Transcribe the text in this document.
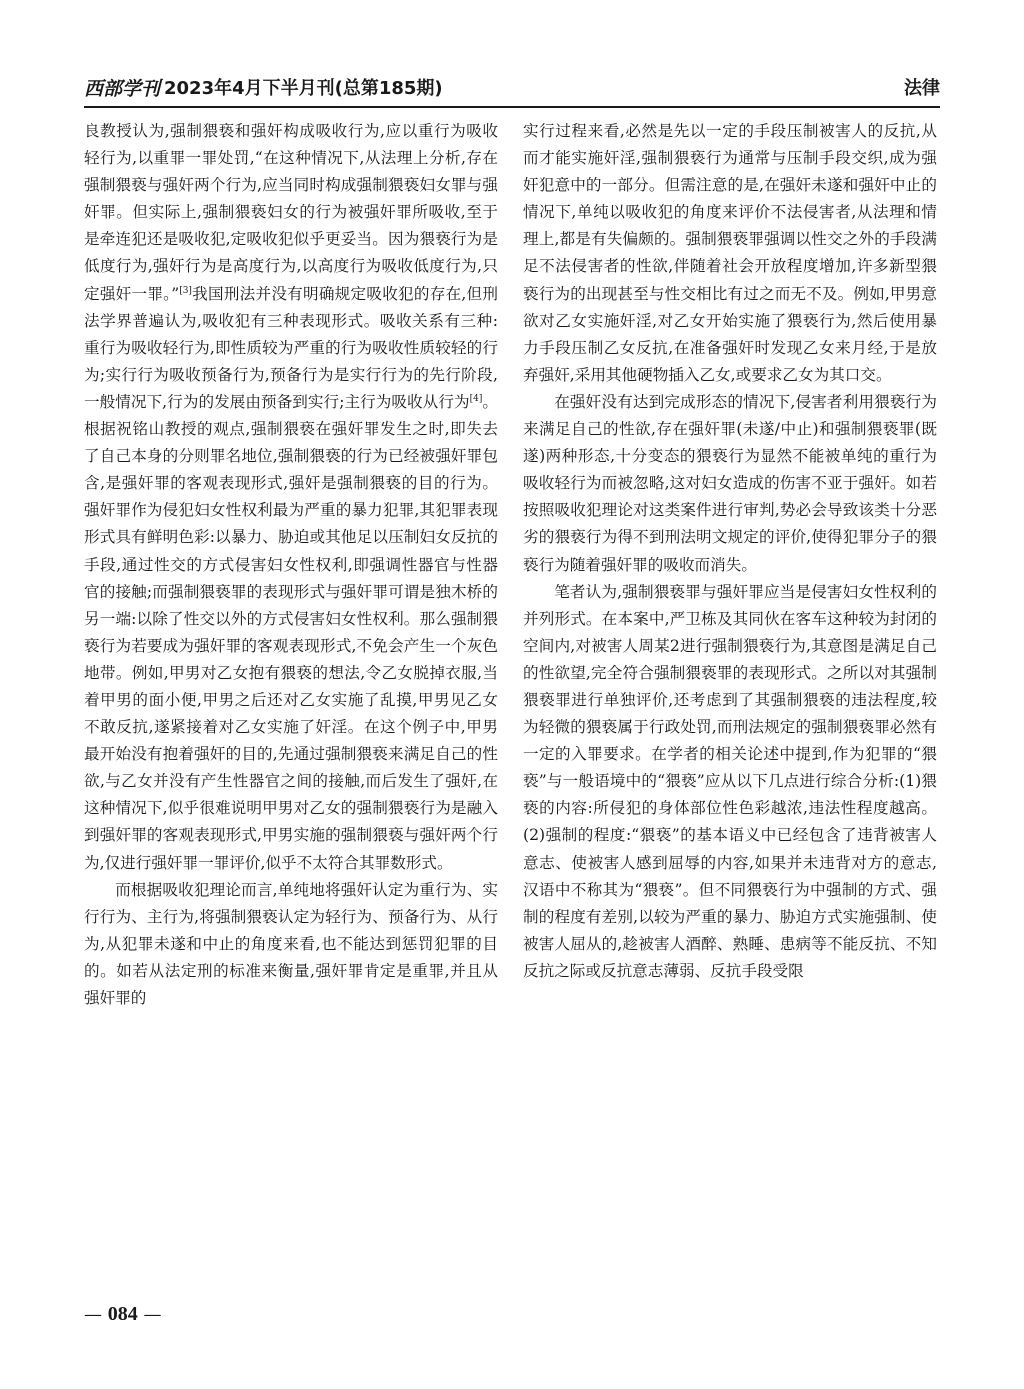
西部学刊 2023年4月下半月刊(总第185期)	法律

良教授认为,强制猥亵和强奸构成吸收行为,应以重行为吸收轻行为,以重罪一罪处罚,“在这种情况下,从法理上分析,存在强制猥亵与强奸两个行为,应当同时构成强制猥亵妇女罪与强奸罪。但实际上,强制猥亵妇女的行为被强奸罪所吸收,至于是牵连犯还是吸收犯,定吸收犯似乎更妥当。因为猥亵行为是低度行为,强奸行为是高度行为,以高度行为吸收低度行为,只定强奸一罪。”[3]我国刑法并没有明确规定吸收犯的存在,但刑法学界普遍认为,吸收犯有三种表现形式。吸收关系有三种:重行为吸收轻行为,即性质较为严重的行为吸收性质较轻的行为;实行行为吸收预备行为,预备行为是实行行为的先行阶段,一般情况下,行为的发展由预备到实行;主行为吸收从行为[4]。根据祝铭山教授的观点,强制猥亵在强奸罪发生之时,即失去了自己本身的分则罪名地位,强制猥亵的行为已经被强奸罪包含,是强奸罪的客观表现形式,强奸是强制猥亵的目的行为。强奸罪作为侵犯妇女性权利最为严重的暴力犯罪,其犯罪表现形式具有鲜明色彩:以暴力、胁迫或其他足以压制妇女反抗的手段,通过性交的方式侵害妇女性权利,即强调性器官与性器官的接触;而强制猥亵罪的表现形式与强奸罪可谓是独木桥的另一端:以除了性交以外的方式侵害妇女性权利。那么强制猥亵行为若要成为强奸罪的客观表现形式,不免会产生一个灰色地带。例如,甲男对乙女抱有猥亵的想法,令乙女脱掉衣服,当着甲男的面小便,甲男之后还对乙女实施了乱摸,甲男见乙女不敢反抗,遂紧接着对乙女实施了奸淫。在这个例子中,甲男最开始没有抱着强奸的目的,先通过强制猥亵来满足自己的性欲,与乙女并没有产生性器官之间的接触,而后发生了强奸,在这种情况下,似乎很难说明甲男对乙女的强制猥亵行为是融入到强奸罪的客观表现形式,甲男实施的强制猥亵与强奸两个行为,仅进行强奸罪一罪评价,似乎不太符合其罪数形式。

而根据吸收犯理论而言,单纯地将强奸认定为重行为、实行行为、主行为,将强制猥亵认定为轻行为、预备行为、从行为,从犯罪未遂和中止的角度来看,也不能达到惩罚犯罪的目的。如若从法定刑的标准来衡量,强奸罪肯定是重罪,并且从强奸罪的

实行过程来看,必然是先以一定的手段压制被害人的反抗,从而才能实施奸淫,强制猥亵行为通常与压制手段交织,成为强奸犯意中的一部分。但需注意的是,在强奸未遂和强奸中止的情况下,单纯以吸收犯的角度来评价不法侵害者,从法理和情理上,都是有失偏颇的。强制猥亵罪强调以性交之外的手段满足不法侵害者的性欲,伴随着社会开放程度增加,许多新型猥亵行为的出现甚至与性交相比有过之而无不及。例如,甲男意欲对乙女实施奸淫,对乙女开始实施了猥亵行为,然后使用暴力手段压制乙女反抗,在准备强奸时发现乙女来月经,于是放弃强奸,采用其他硬物插入乙女,或要求乙女为其口交。

在强奸没有达到完成形态的情况下,侵害者利用猥亵行为来满足自己的性欲,存在强奸罪(未遂/中止)和强制猥亵罪(既遂)两种形态,十分变态的猥亵行为显然不能被单纯的重行为吸收轻行为而被忽略,这对妇女造成的伤害不亚于强奸。如若按照吸收犯理论对这类案件进行审判,势必会导致该类十分恶劣的猥亵行为得不到刑法明文规定的评价,使得犯罪分子的猥亵行为随着强奸罪的吸收而消失。

笔者认为,强制猥亵罪与强奸罪应当是侵害妇女性权利的并列形式。在本案中,严卫栋及其同伙在客车这种较为封闭的空间内,对被害人周某2进行强制猥亵行为,其意图是满足自己的性欲望,完全符合强制猥亵罪的表现形式。之所以对其强制猥亵罪进行单独评价,还考虑到了其强制猥亵的违法程度,较为轻微的猥亵属于行政处罚,而刑法规定的强制猥亵罪必然有一定的入罪要求。在学者的相关论述中提到,作为犯罪的“猥亵”与一般语境中的“猥亵”应从以下几点进行综合分析:(1)猥亵的内容:所侵犯的身体部位性色彩越浓,违法性程度越高。(2)强制的程度:“猥亵”的基本语义中已经包含了违背被害人意志、使被害人感到屈辱的内容,如果并未违背对方的意志,汉语中不称其为“猥亵”。但不同猥亵行为中强制的方式、强制的程度有差别,以较为严重的暴力、胁迫方式实施强制、使被害人屈从的,趁被害人酒醉、熟睡、患病等不能反抗、不知反抗之际或反抗意志薄弱、反抗手段受限

— 084 —
